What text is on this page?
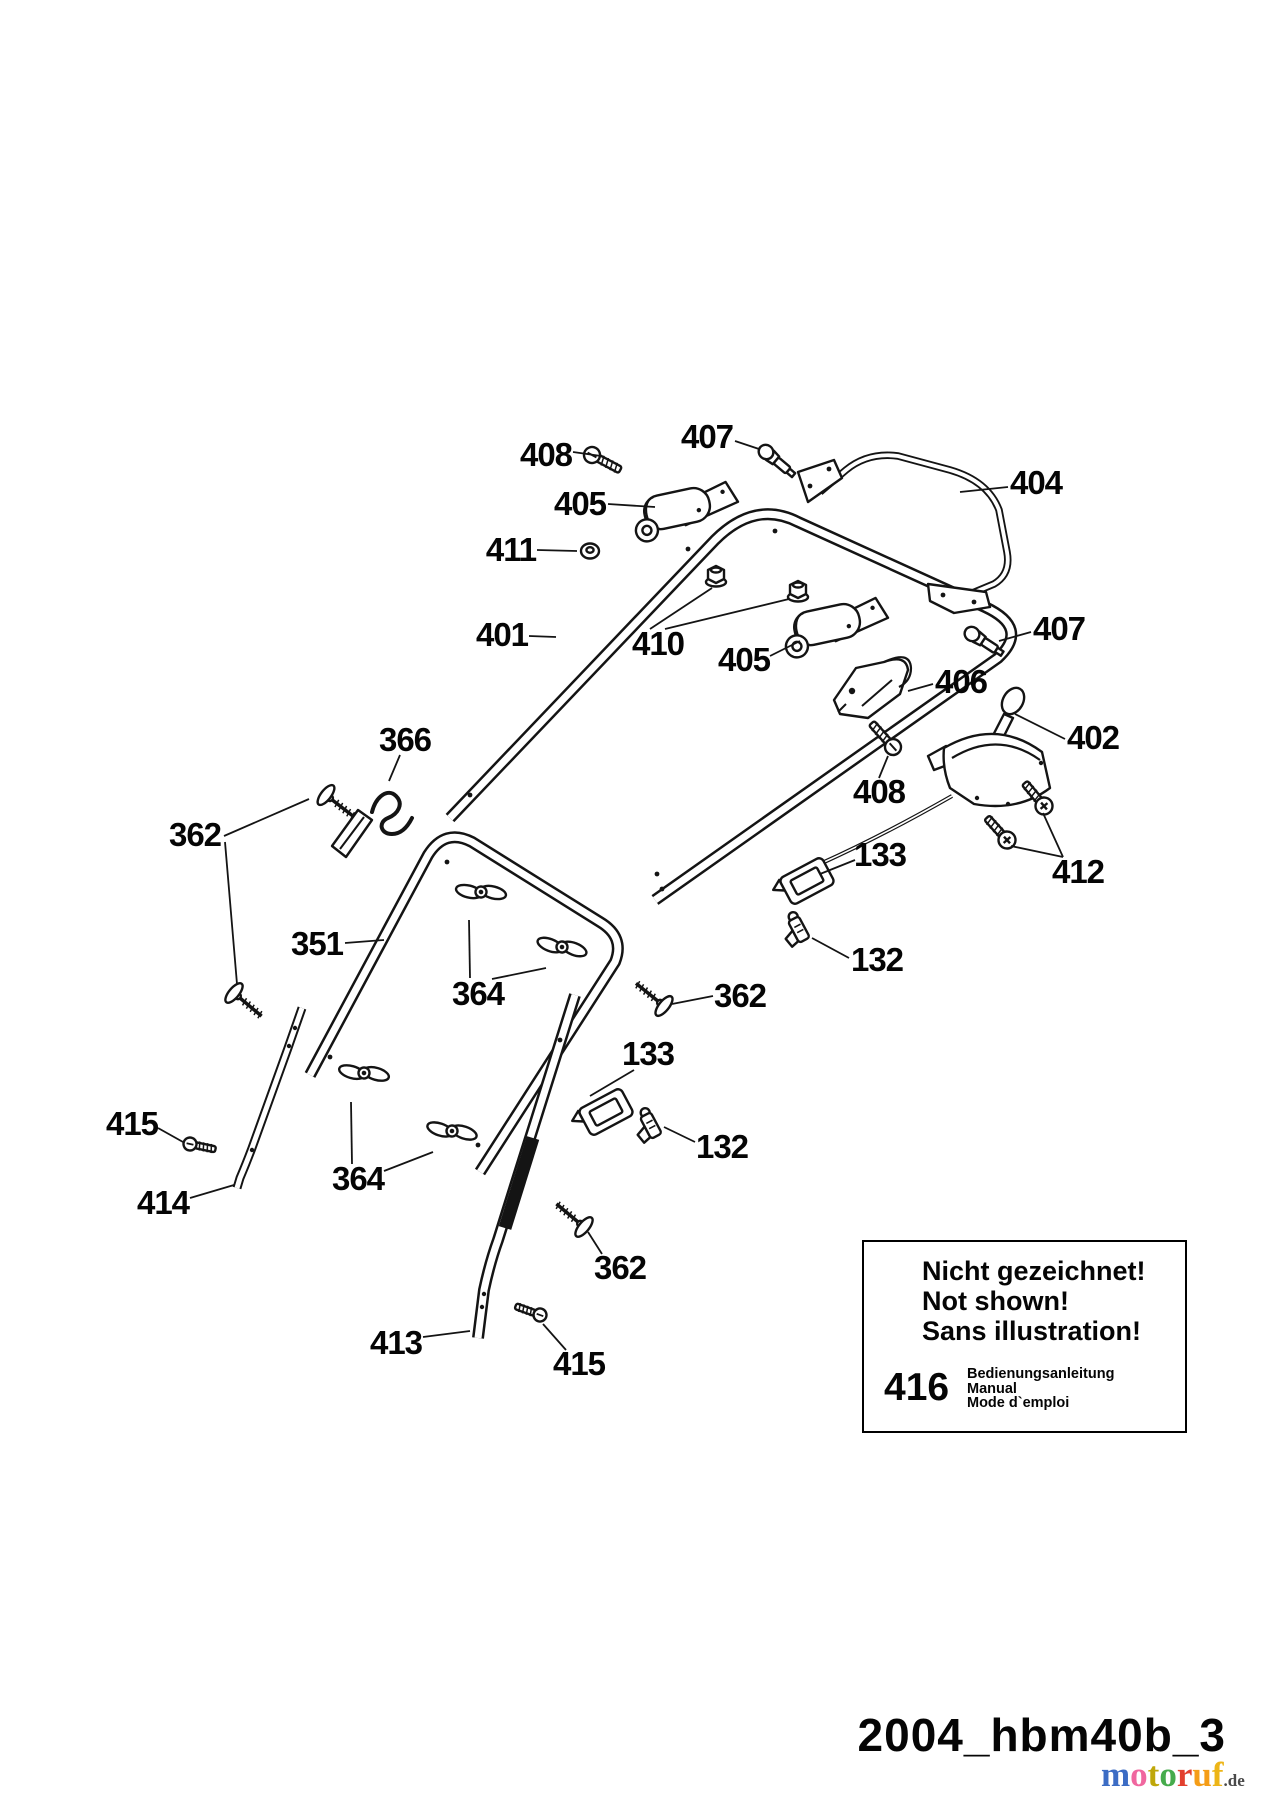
408	407
405
411
401	410 405
404
407
406
402
408
412
366
362
351
364	362
133
132
133
132
364
362
415
414
413
415
Nicht gezeichnet!
Not shown!
Sans illustration!
416 Bedienungsanleitung
Manual
Mode d`emploi
2004_hbm40b_3
motoruf.de
